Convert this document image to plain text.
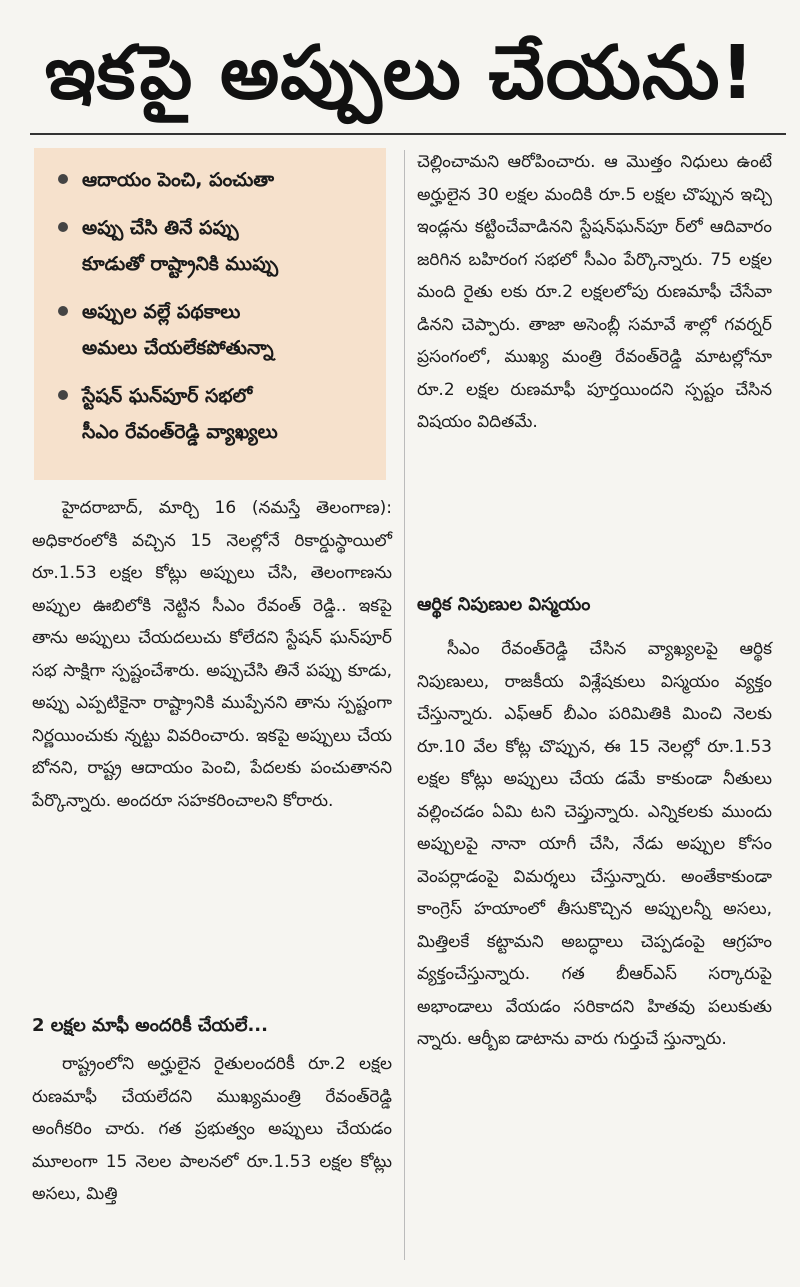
ఇకపై అప్పులు చేయను!
ఆదాయం పెంచి, పంచుతా
అప్పు చేసి తినే పప్పు
కూడుతో రాష్ట్రానికి ముప్పు
అప్పుల వల్లే పథకాలు
అమలు చేయలేకపోతున్నా
స్టేషన్ ఘన్‌పూర్ సభలో
సీఎం రేవంత్‌రెడ్డి వ్యాఖ్యలు

హైదరాబాద్, మార్చి 16 (నమస్తే తెలంగాణ): అధికారంలోకి వచ్చిన 15 నెలల్లోనే రికార్డుస్థాయిలో రూ.1.53 లక్షల కోట్లు అప్పులు చేసి, తెలంగాణను అప్పుల ఊబిలోకి నెట్టిన సీఎం రేవంత్ రెడ్డి.. ఇకపై తాను అప్పులు చేయదలుచు కోలేదని స్టేషన్ ఘన్‌పూర్ సభ సాక్షిగా స్పష్టంచేశారు. అప్పుచేసి తినే పప్పు కూడు, అప్పు ఎప్పటికైనా రాష్ట్రానికి ముప్పేనని తాను స్పష్టంగా నిర్ణయించుకు న్నట్టు వివరించారు. ఇకపై అప్పులు చేయ బోనని, రాష్ట్ర ఆదాయం పెంచి, పేదలకు పంచుతానని పేర్కొన్నారు. అందరూ సహకరించాలని కోరారు.

2 లక్షల మాఫీ అందరికీ చేయలే...

రాష్ట్రంలోని అర్హులైన రైతులందరికీ రూ.2 లక్షల రుణమాఫీ చేయలేదని ముఖ్యమంత్రి రేవంత్‌రెడ్డి అంగీకరిం చారు. గత ప్రభుత్వం అప్పులు చేయడం మూలంగా 15 నెలల పాలనలో రూ.1.53 లక్షల కోట్లు అసలు, మిత్తి

చెల్లించామని ఆరోపించారు. ఆ మొత్తం నిధులు ఉంటే అర్హులైన 30 లక్షల మందికి రూ.5 లక్షల చొప్పున ఇచ్చి ఇండ్లను కట్టించేవాడినని స్టేషన్‌ఘన్‌పూ ర్‌లో ఆదివారం జరిగిన బహిరంగ సభలో సీఎం పేర్కొన్నారు. 75 లక్షల మంది రైతు లకు రూ.2 లక్షలలోపు రుణమాఫీ చేసేవా డినని చెప్పారు. తాజా అసెంబ్లీ సమావే శాల్లో గవర్నర్ ప్రసంగంలో, ముఖ్య మంత్రి రేవంత్‌రెడ్డి మాటల్లోనూ రూ.2 లక్షల రుణమాఫీ పూర్తయిందని స్పష్టం చేసిన విషయం విదితమే.

ఆర్థిక నిపుణుల విస్మయం

సీఎం రేవంత్‌రెడ్డి చేసిన వ్యాఖ్యలపై ఆర్థిక నిపుణులు, రాజకీయ విశ్లేషకులు విస్మయం వ్యక్తం చేస్తున్నారు. ఎఫ్‌ఆర్ బీఎం పరిమితికి మించి నెలకు రూ.10 వేల కోట్ల చొప్పున, ఈ 15 నెలల్లో రూ.1.53 లక్షల కోట్లు అప్పులు చేయ డమే కాకుండా నీతులు వల్లించడం ఏమి టని చెప్తున్నారు. ఎన్నికలకు ముందు అప్పులపై నానా యాగీ చేసి, నేడు అప్పుల కోసం వెంపర్లాడంపై విమర్శలు చేస్తున్నారు. అంతేకాకుండా కాంగ్రెస్ హయాంలో తీసుకొచ్చిన అప్పులన్నీ అసలు, మిత్తిలకే కట్టామని అబద్ధాలు చెప్పడంపై ఆగ్రహం వ్యక్తంచేస్తున్నారు. గత బీఆర్‌ఎస్ సర్కారుపై అభాండాలు వేయడం సరికాదని హితవు పలుకుతు న్నారు. ఆర్బీఐ డాటాను వారు గుర్తుచే స్తున్నారు.
